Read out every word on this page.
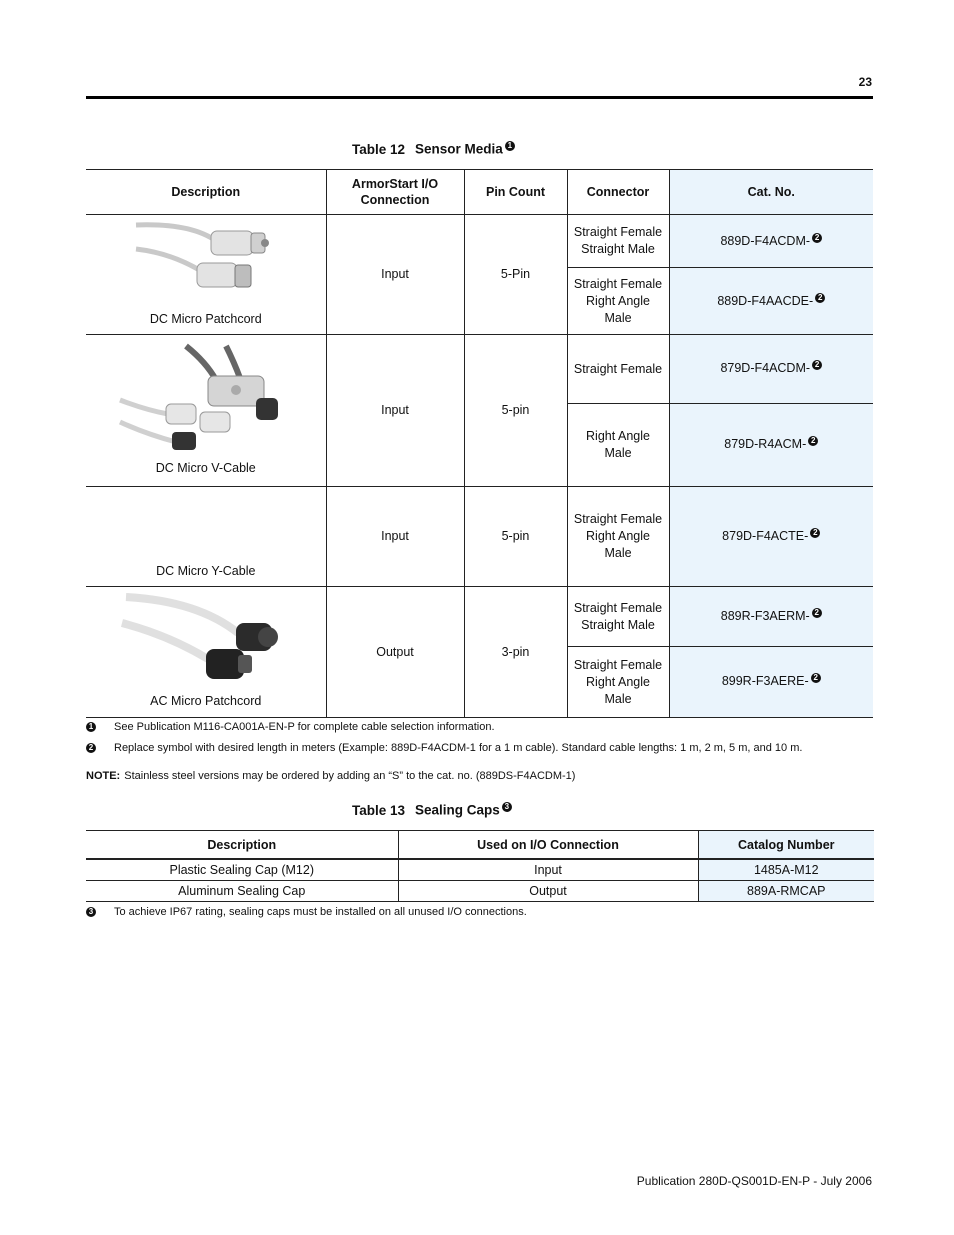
23
Table 12 Sensor Media 1
Description	ArmorStart I/O Connection	Pin Count	Connector	Cat. No.

DC Micro Patchcord	Input	5-Pin	Straight Female
Straight Male	889D-F4ACDM- 2
			Straight Female
Right Angle Male	889D-F4AACDE- 2

DC Micro V-Cable	Input	5-pin	Straight Female	879D-F4ACDM- 2
			Right Angle Male	879D-R4ACM- 2

DC Micro Y-Cable	Input	5-pin	Straight Female
Right Angle Male	879D-F4ACTE- 2

AC Micro Patchcord	Output	3-pin	Straight Female
Straight Male	889R-F3AERM- 2
			Straight Female
Right Angle Male	899R-F3AERE- 2
1 See Publication M116-CA001A-EN-P for complete cable selection information.
2 Replace symbol with desired length in meters (Example: 889D-F4ACDM-1 for a 1 m cable). Standard cable lengths: 1 m, 2 m, 5 m, and 10 m.
NOTE: Stainless steel versions may be ordered by adding an “S” to the cat. no. (889DS-F4ACDM-1)
Table 13 Sealing Caps 3
Description	Used on I/O Connection	Catalog Number
Plastic Sealing Cap (M12)	Input	1485A-M12
Aluminum Sealing Cap	Output	889A-RMCAP
3 To achieve IP67 rating, sealing caps must be installed on all unused I/O connections.
Publication 280D-QS001D-EN-P - July 2006
